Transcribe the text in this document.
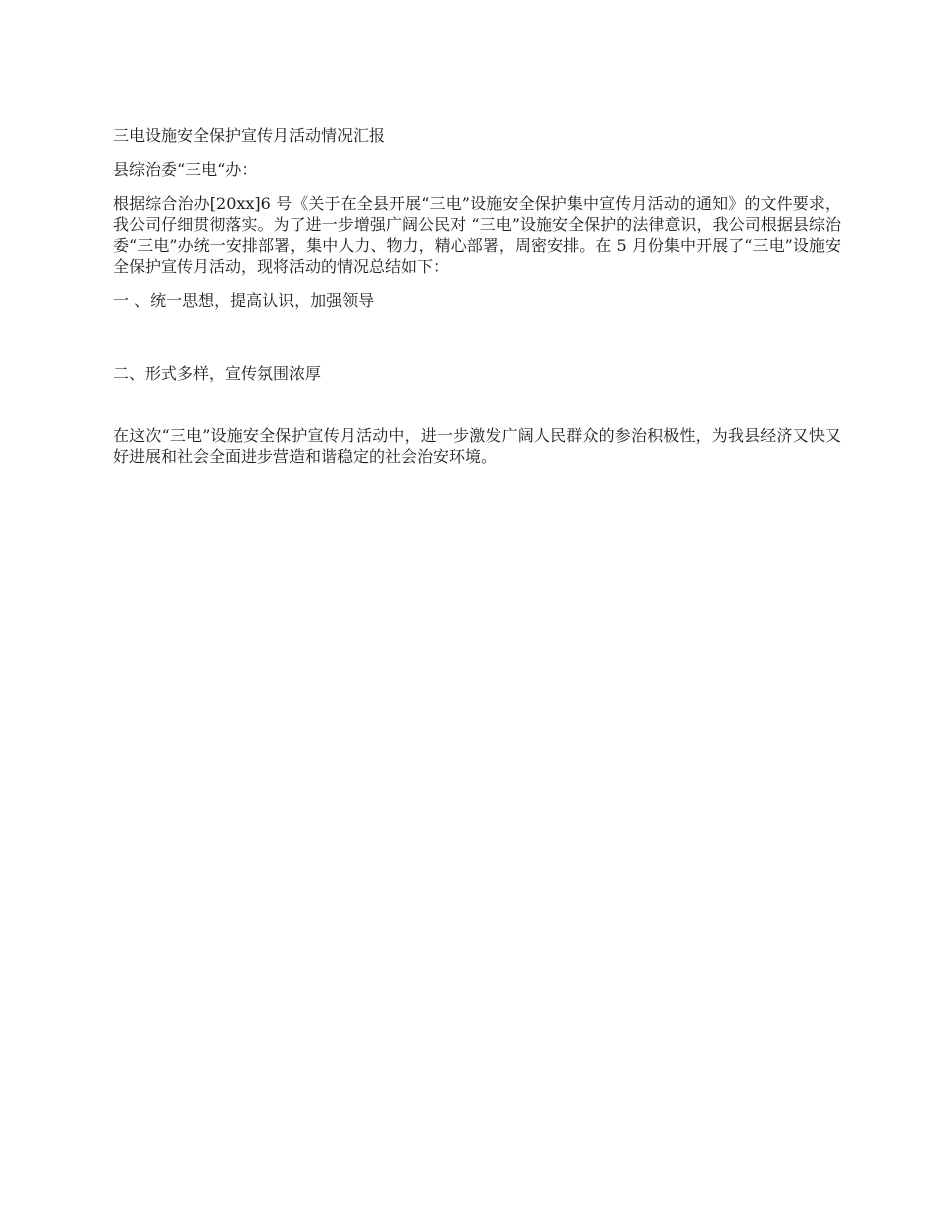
三电设施安全保护宣传月活动情况汇报

县综治委“三电“办：

根据综合治办[20xx]6 号《关于在全县开展“三电”设施安全保护集中宣传月活动的通知》的文件要求，我公司仔细贯彻落实。为了进一步增强广阔公民对 “三电”设施安全保护的法律意识，我公司根据县综治委“三电”办统一安排部署，集中人力、物力，精心部署，周密安排。在 5 月份集中开展了“三电”设施安全保护宣传月活动，现将活动的情况总结如下：

一 、统一思想，提高认识，加强领导

二、形式多样，宣传氛围浓厚

在这次“三电”设施安全保护宣传月活动中，进一步激发广阔人民群众的参治积极性，为我县经济又快又好进展和社会全面进步营造和谐稳定的社会治安环境。
